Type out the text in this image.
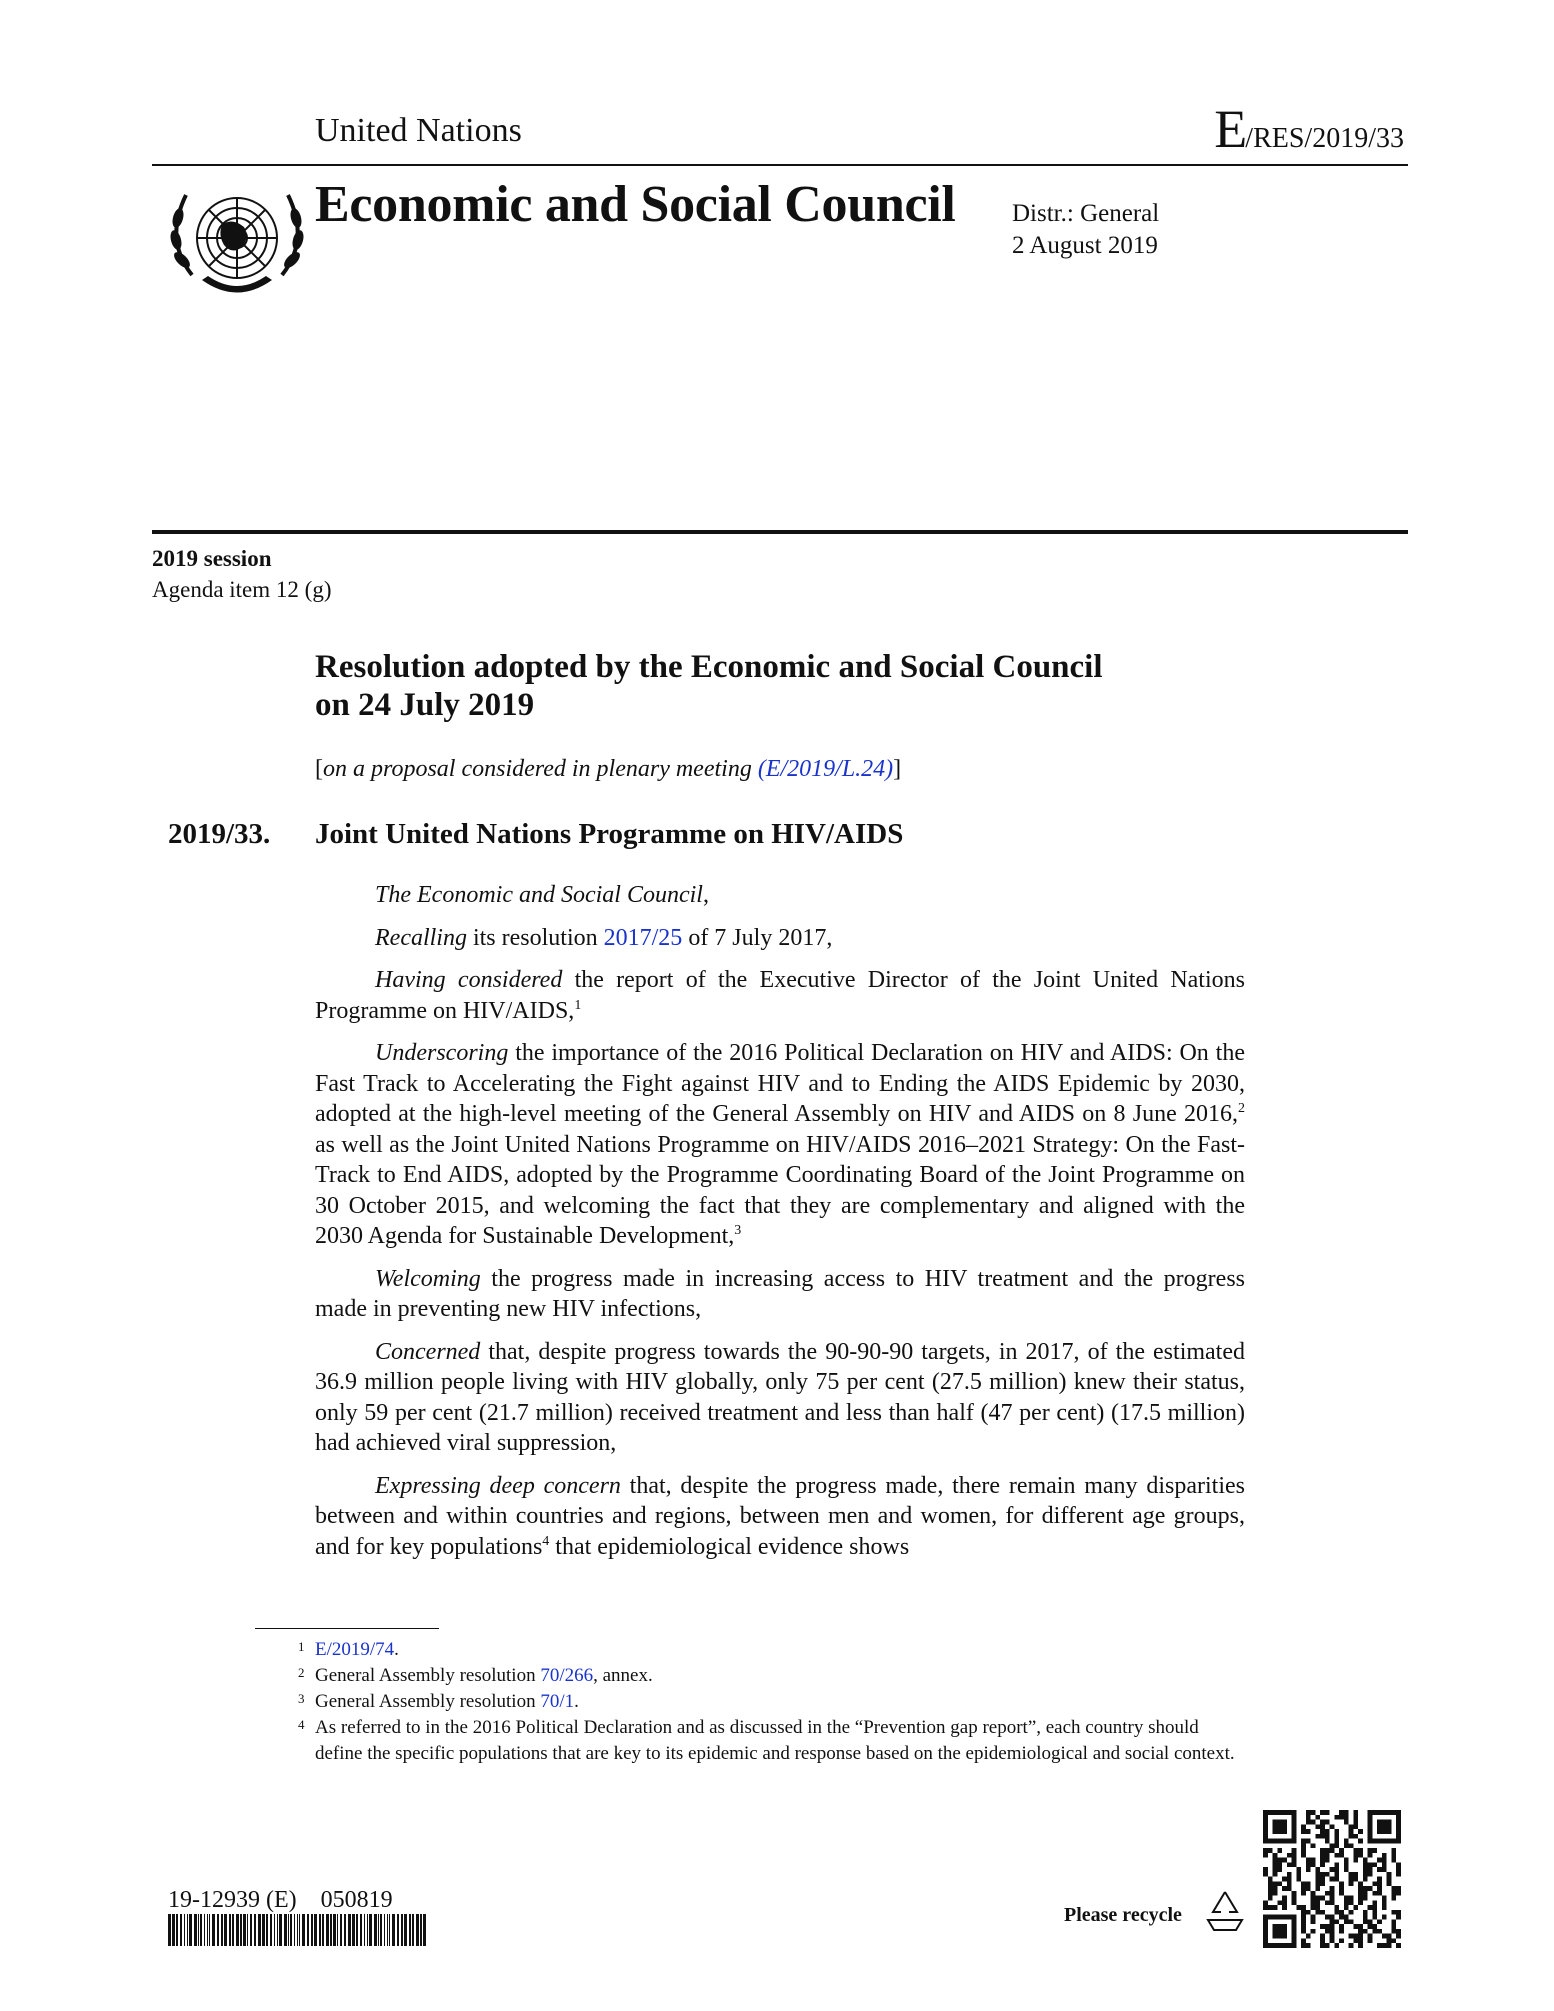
United Nations	E/RES/2019/33
Economic and Social Council Distr.: General
2 August 2019
2019 session
Agenda item 12 (g)
Resolution adopted by the Economic and Social Council
on 24 July 2019
[on a proposal considered in plenary meeting (E/2019/L.24)]
2019/33. Joint United Nations Programme on HIV/AIDS

The Economic and Social Council,

Recalling its resolution 2017/25 of 7 July 2017,

Having considered the report of the Executive Director of the Joint United Nations Programme on HIV/AIDS,$^1$

Underscoring the importance of the 2016 Political Declaration on HIV and AIDS: On the Fast Track to Accelerating the Fight against HIV and to Ending the AIDS Epidemic by 2030, adopted at the high-level meeting of the General Assembly on HIV and AIDS on 8 June 2016,$^2$ as well as the Joint United Nations Programme on HIV/AIDS 2016–2021 Strategy: On the Fast-Track to End AIDS, adopted by the Programme Coordinating Board of the Joint Programme on 30 October 2015, and welcoming the fact that they are complementary and aligned with the 2030 Agenda for Sustainable Development,$^3$

Welcoming the progress made in increasing access to HIV treatment and the progress made in preventing new HIV infections,

Concerned that, despite progress towards the 90-90-90 targets, in 2017, of the estimated 36.9 million people living with HIV globally, only 75 per cent (27.5 million) knew their status, only 59 per cent (21.7 million) received treatment and less than half (47 per cent) (17.5 million) had achieved viral suppression,

Expressing deep concern that, despite the progress made, there remain many disparities between and within countries and regions, between men and women, for different age groups, and for key populations$^4$ that epidemiological evidence shows

1 E/2019/74.

2 General Assembly resolution 70/266, annex.

3 General Assembly resolution 70/1.

4 As referred to in the 2016 Political Declaration and as discussed in the “Prevention gap report”, each country should define the specific populations that are key to its epidemic and response based on the epidemiological and social context.

19-12939 (E)    050819
Please recycle
